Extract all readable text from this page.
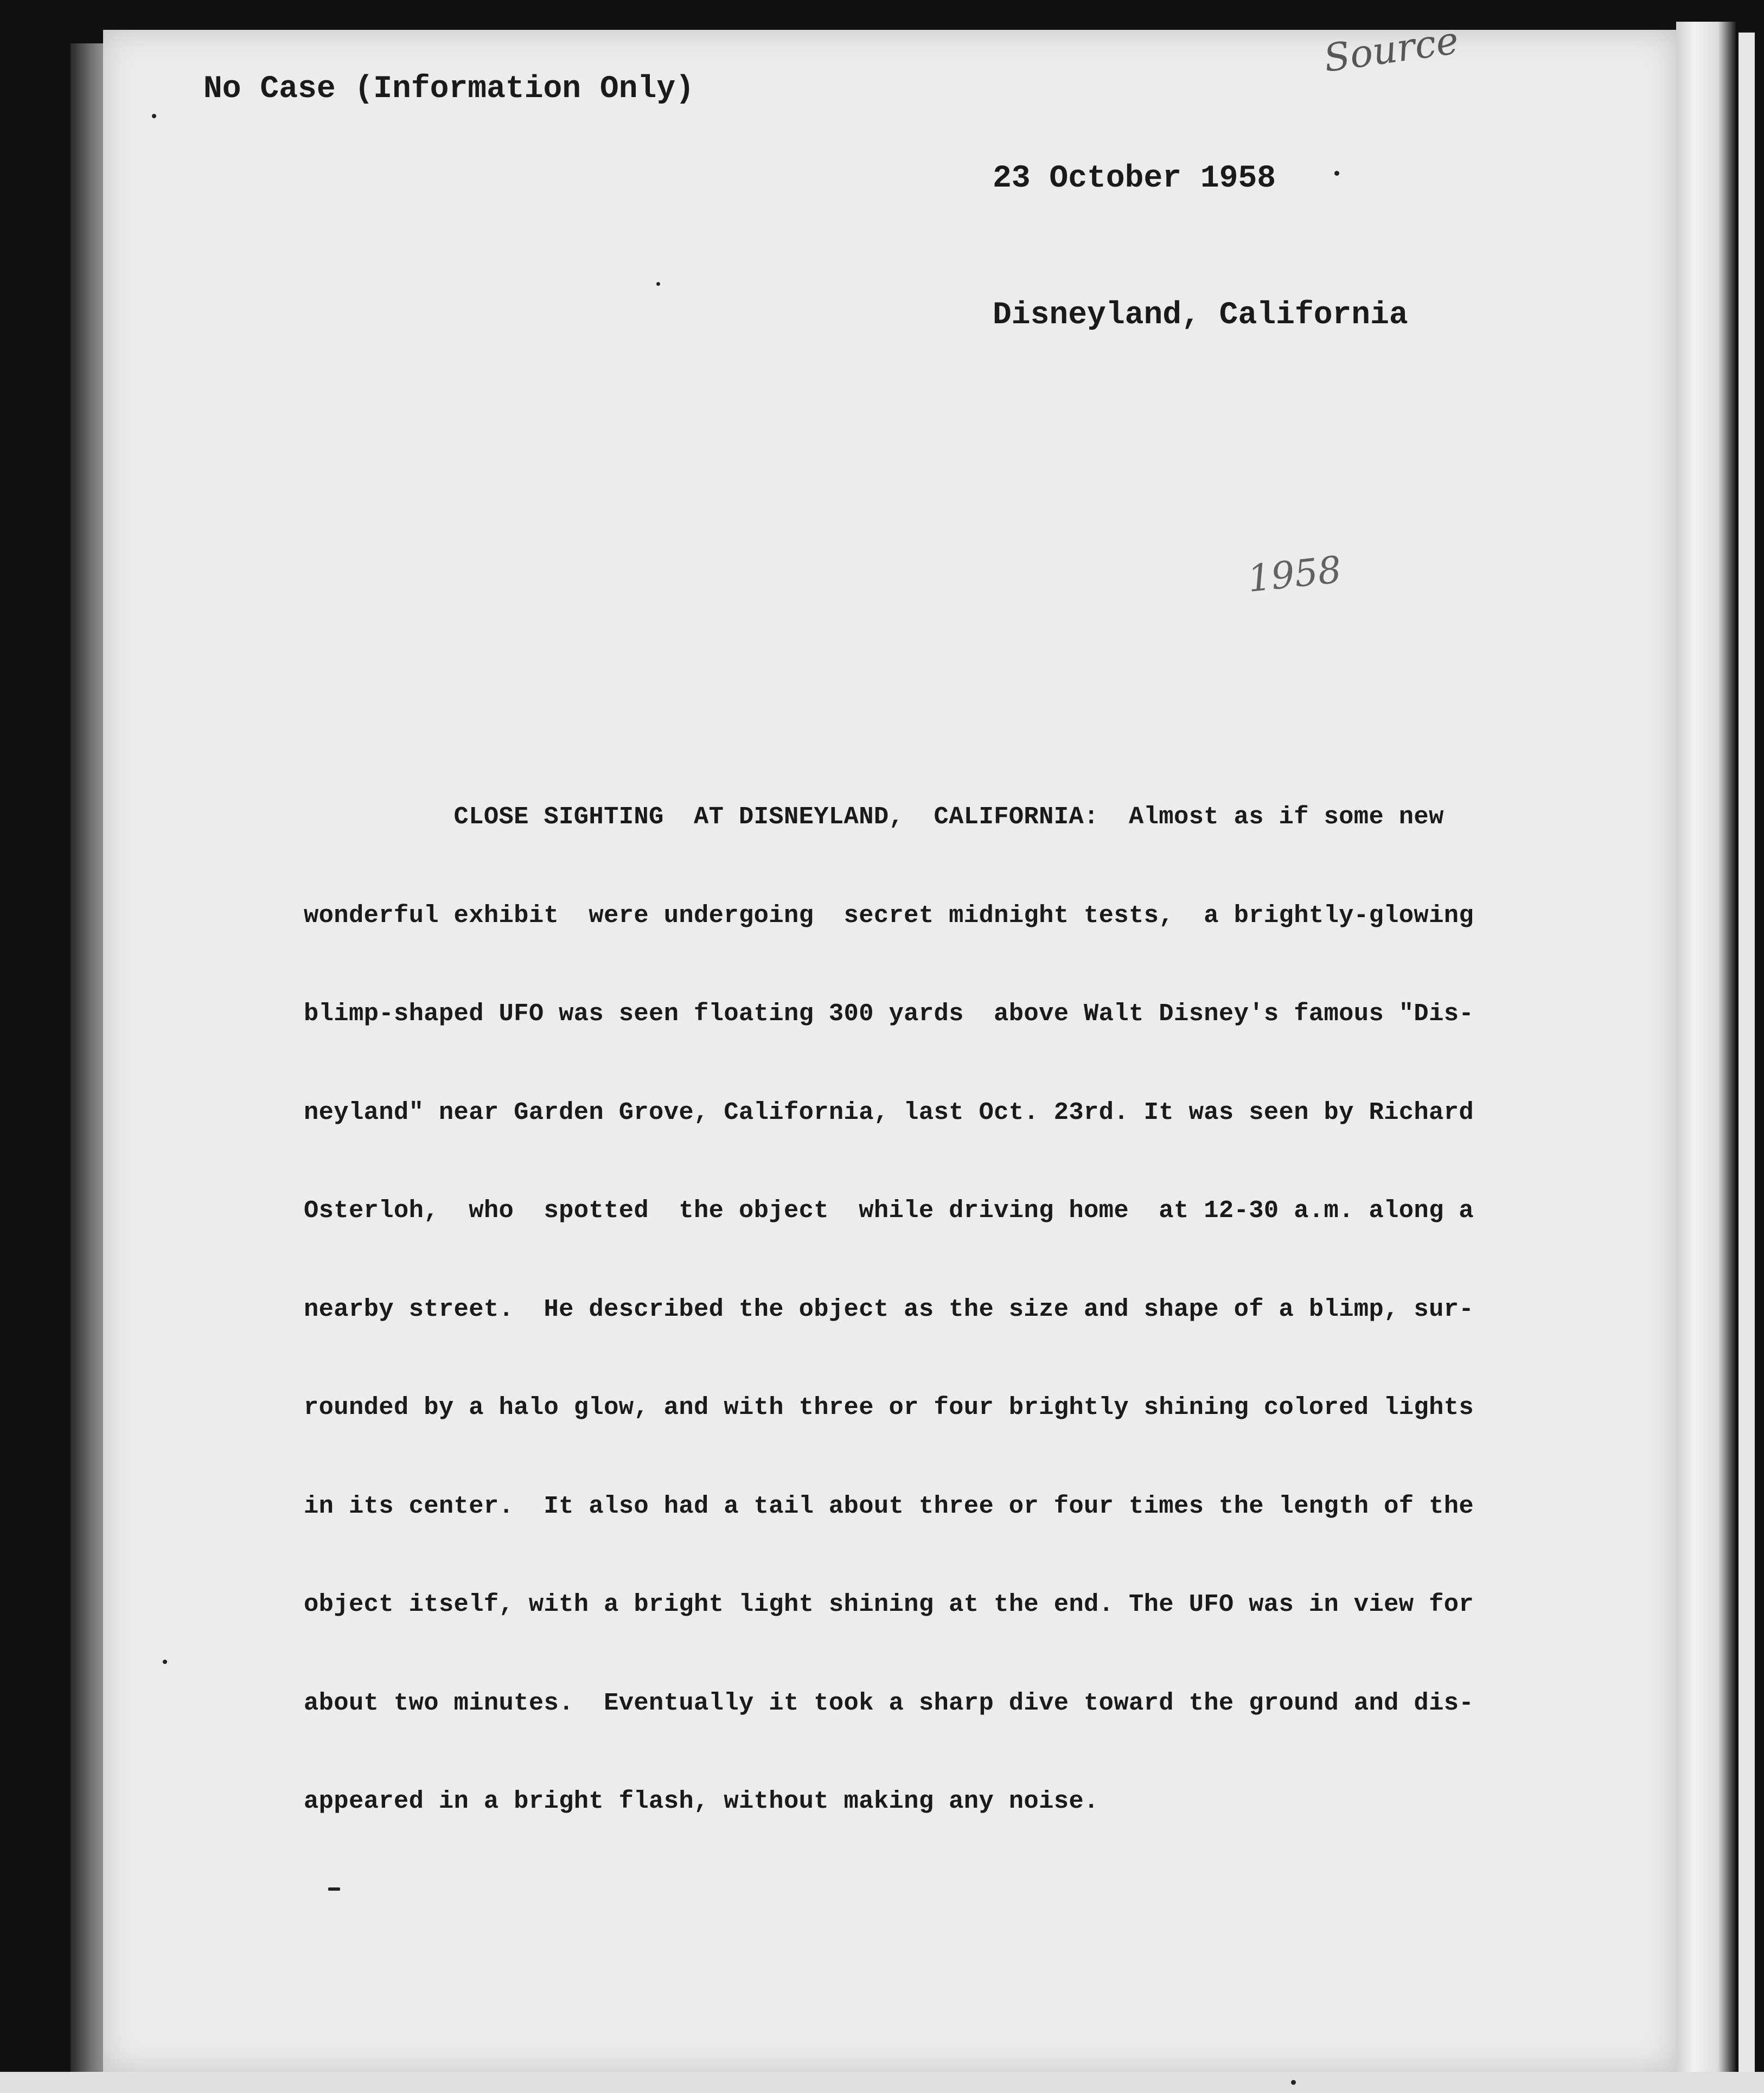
No Case (Information Only)

23 October 1958

Disneyland, California

Source
1958

CLOSE SIGHTING  AT DISNEYLAND,  CALIFORNIA:  Almost as if some new

wonderful exhibit  were undergoing  secret midnight tests,  a brightly-glowing

blimp-shaped UFO was seen floating 300 yards  above Walt Disney's famous "Dis-

neyland" near Garden Grove, California, last Oct. 23rd. It was seen by Richard

Osterloh,  who  spotted  the object  while driving home  at 12-30 a.m. along a

nearby street.  He described the object as the size and shape of a blimp, sur-

rounded by a halo glow, and with three or four brightly shining colored lights

in its center.  It also had a tail about three or four times the length of the

object itself, with a bright light shining at the end. The UFO was in view for

about two minutes.  Eventually it took a sharp dive toward the ground and dis-

appeared in a bright flash, without making any noise.
